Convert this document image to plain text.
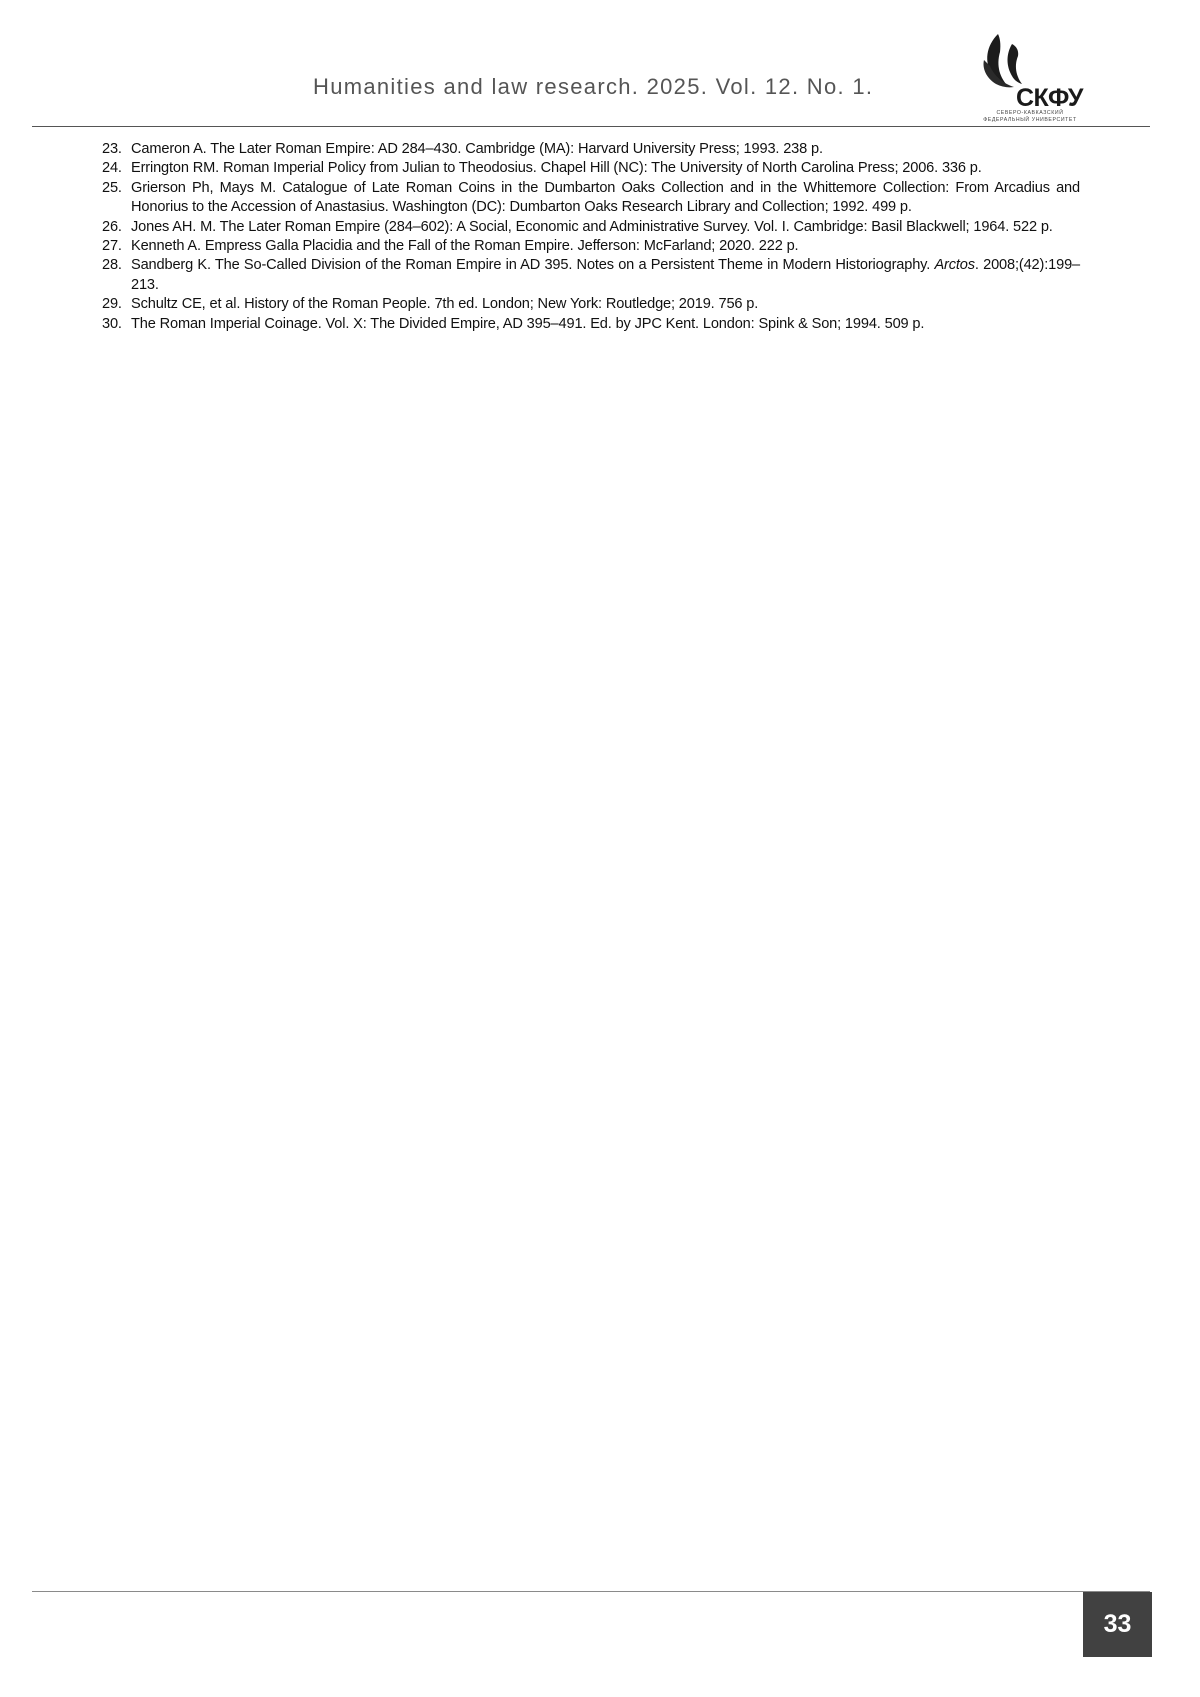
Humanities and law research. 2025. Vol. 12. No. 1.	СКФУ
СЕВЕРО-КАВКАЗСКИЙ
ФЕДЕРАЛЬНЫЙ УНИВЕРСИТЕТ
23. Cameron A. The Later Roman Empire: AD 284–430. Cambridge (MA): Harvard University Press; 1993. 238 p.
24. Errington RM. Roman Imperial Policy from Julian to Theodosius. Chapel Hill (NC): The University of North Carolina Press; 2006. 336 p.
25. Grierson Ph, Mays M. Catalogue of Late Roman Coins in the Dumbarton Oaks Collection and in the Whittemore Collection: From Arcadius and Honorius to the Accession of Anastasius. Washington (DC): Dumbarton Oaks Research Library and Collection; 1992. 499 p.
26. Jones AH. M. The Later Roman Empire (284–602): A Social, Economic and Administrative Survey. Vol. I. Cambridge: Basil Blackwell; 1964. 522 p.
27. Kenneth A. Empress Galla Placidia and the Fall of the Roman Empire. Jefferson: McFarland; 2020. 222 p.
28. Sandberg K. The So-Called Division of the Roman Empire in AD 395. Notes on a Persistent Theme in Modern Historiography. Arctos. 2008;(42):199–213.
29. Schultz CE, et al. History of the Roman People. 7th ed. London; New York: Routledge; 2019. 756 p.
30. The Roman Imperial Coinage. Vol. X: The Divided Empire, AD 395–491. Ed. by JPC Kent. London: Spink & Son; 1994. 509 p.
33
